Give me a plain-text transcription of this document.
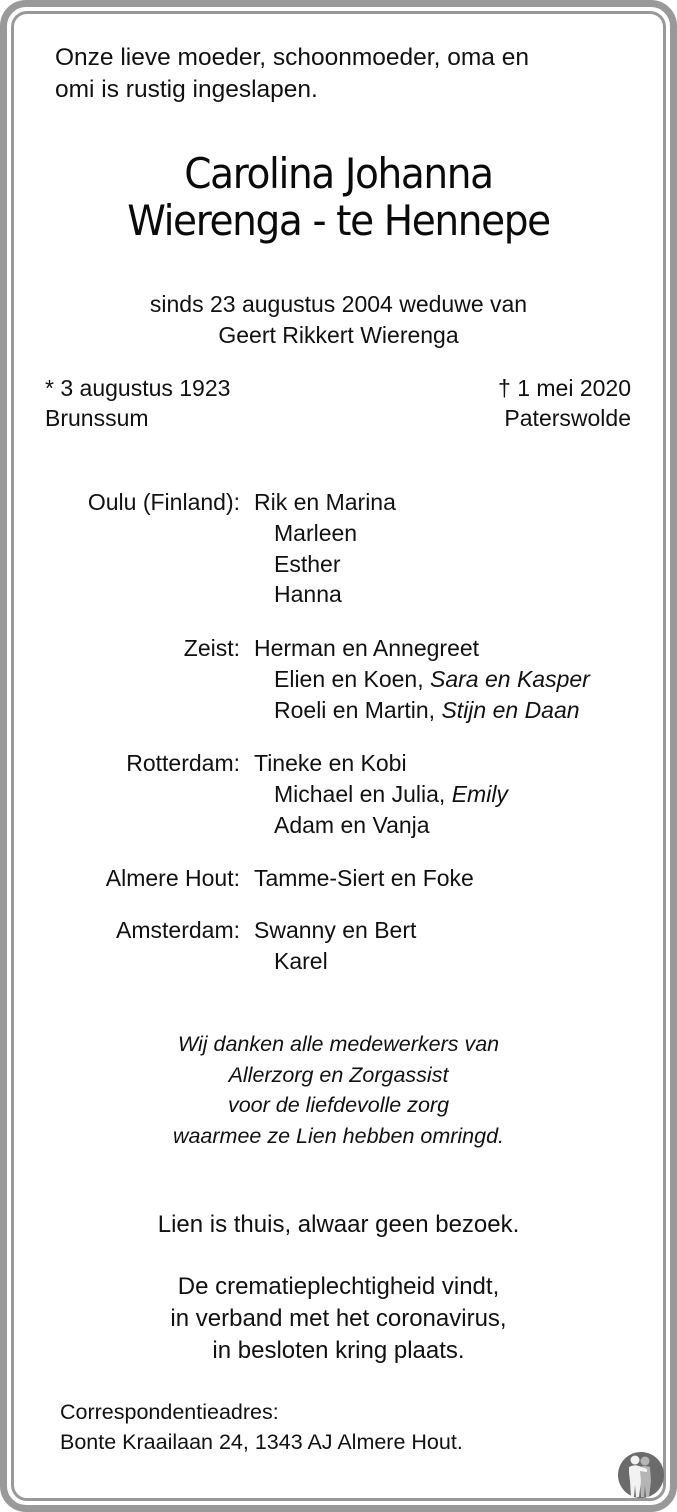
Onze lieve moeder, schoonmoeder, oma en
omi is rustig ingeslapen.
Carolina Johanna
Wierenga - te Hennepe
sinds 23 augustus 2004 weduwe van
Geert Rikkert Wierenga
* 3 augustus 1923
Brunssum
† 1 mei 2020
Paterswolde
Oulu (Finland): Rik en Marina
Marleen
Esther
Hanna
Zeist: Herman en Annegreet
Elien en Koen, Sara en Kasper
Roeli en Martin, Stijn en Daan
Rotterdam: Tineke en Kobi
Michael en Julia, Emily
Adam en Vanja
Almere Hout: Tamme-Siert en Foke
Amsterdam: Swanny en Bert
Karel
Wij danken alle medewerkers van
Allerzorg en Zorgassist
voor de liefdevolle zorg
waarmee ze Lien hebben omringd.
Lien is thuis, alwaar geen bezoek.
De crematieplechtigheid vindt,
in verband met het coronavirus,
in besloten kring plaats.
Correspondentieadres:
Bonte Kraailaan 24, 1343 AJ Almere Hout.
